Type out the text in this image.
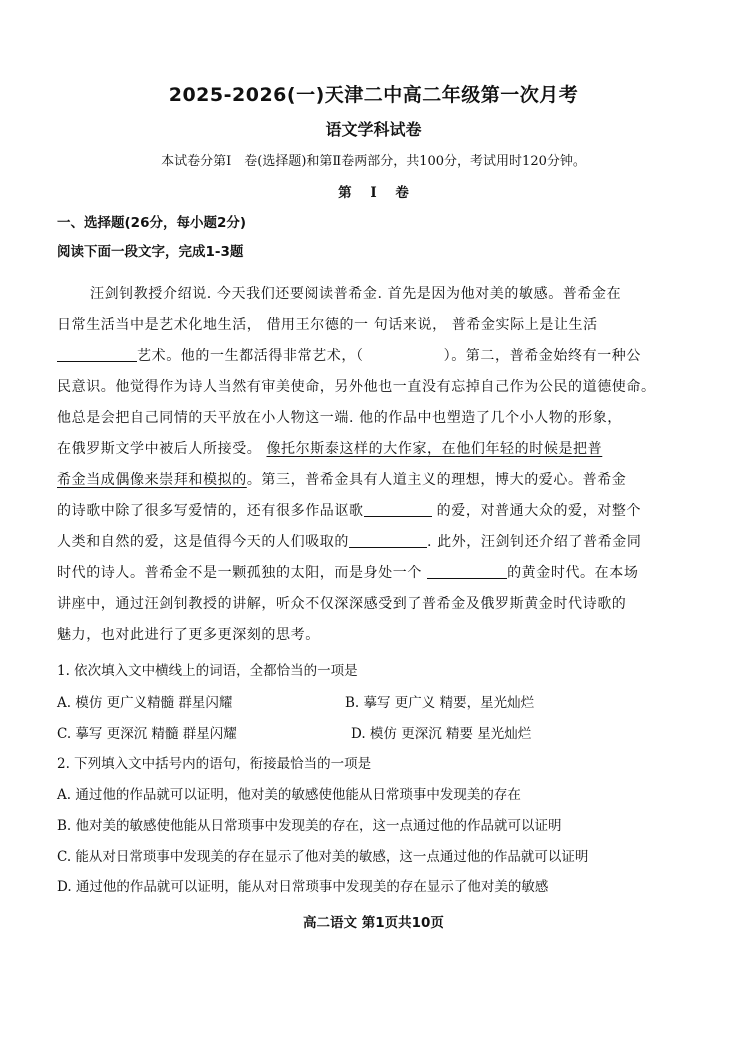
2025-2026(一)天津二中高二年级第一次月考
语文学科试卷
本试卷分第I　卷(选择题)和第Ⅱ卷两部分，共100分，考试用时120分钟。
第 I 卷
一、选择题(26分，每小题2分)
阅读下面一段文字，完成1-3题
汪剑钊教授介绍说. 今天我们还要阅读普希金. 首先是因为他对美的敏感。普希金在
日常生活当中是艺术化地生活， 借用王尔德的一 句话来说， 普希金实际上是让生活
艺术。他的一生都活得非常艺术，（	）。第二，普希金始终有一种公
民意识。他觉得作为诗人当然有审美使命，另外他也一直没有忘掉自己作为公民的道德使命。
他总是会把自己同情的天平放在小人物这一端. 他的作品中也塑造了几个小人物的形象，
在俄罗斯文学中被后人所接受。 像托尔斯泰这样的大作家，在他们年轻的时候是把普
希金当成偶像来崇拜和模拟的。第三，普希金具有人道主义的理想，博大的爱心。普希金
的诗歌中除了很多写爱情的，还有很多作品讴歌	的爱，对普通大众的爱，对整个
人类和自然的爱，这是值得今天的人们吸取的	. 此外，汪剑钊还介绍了普希金同
时代的诗人。普希金不是一颗孤独的太阳，而是身处一个	的黄金时代。在本场
讲座中，通过汪剑钊教授的讲解，听众不仅深深感受到了普希金及俄罗斯黄金时代诗歌的
魅力，也对此进行了更多更深刻的思考。
1. 依次填入文中横线上的词语，全都恰当的一项是
A. 模仿 更广义精髓 群星闪耀	B. 摹写 更广义 精要，星光灿烂
C. 摹写 更深沉 精髓 群星闪耀	D. 模仿 更深沉 精要 星光灿烂
2. 下列填入文中括号内的语句，衔接最恰当的一项是
A. 通过他的作品就可以证明，他对美的敏感使他能从日常琐事中发现美的存在
B. 他对美的敏感使他能从日常琐事中发现美的存在，这一点通过他的作品就可以证明
C. 能从对日常琐事中发现美的存在显示了他对美的敏感，这一点通过他的作品就可以证明
D. 通过他的作品就可以证明，能从对日常琐事中发现美的存在显示了他对美的敏感
高二语文 第1页共10页
